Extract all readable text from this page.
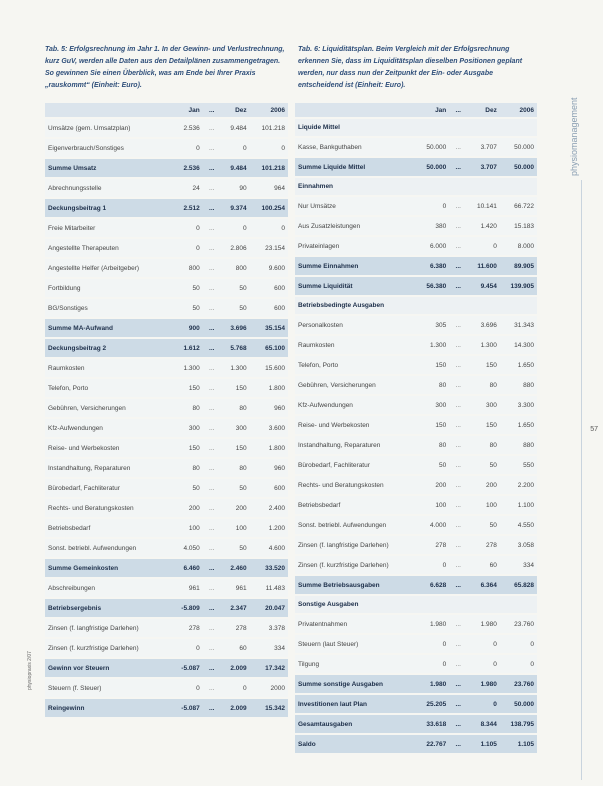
Tab. 5: Erfolgsrechnung im Jahr 1. In der Gewinn- und Verlustrechnung, kurz GuV, werden alle Daten aus den Detailplänen zusammengetragen. So gewinnen Sie einen Überblick, was am Ende bei Ihrer Praxis „rauskommt“ (Einheit: Euro).
Tab. 6: Liquiditätsplan. Beim Vergleich mit der Erfolgsrechnung erkennen Sie, dass im Liquiditätsplan dieselben Positionen geplant werden, nur dass nun der Zeitpunkt der Ein- oder Ausgabe entscheidend ist (Einheit: Euro).
	Jan	...	Dez	2006
Umsätze (gem. Umsatzplan)	2.536	...	9.484	101.218
Eigenverbrauch/Sonstiges	0	...	0	0
Summe Umsatz	2.536	...	9.484	101.218
Abrechnungsstelle	24	...	90	964
Deckungsbeitrag 1	2.512	...	9.374	100.254
Freie Mitarbeiter	0	...	0	0
Angestellte Therapeuten	0	...	2.806	23.154
Angestellte Helfer (Arbeitgeber)	800	...	800	9.600
Fortbildung	50	...	50	600
BG/Sonstiges	50	...	50	600
Summe MA-Aufwand	900	...	3.696	35.154
Deckungsbeitrag 2	1.612	...	5.768	65.100
Raumkosten	1.300	...	1.300	15.600
Telefon, Porto	150	...	150	1.800
Gebühren, Versicherungen	80	...	80	960
Kfz-Aufwendungen	300	...	300	3.600
Reise- und Werbekosten	150	...	150	1.800
Instandhaltung, Reparaturen	80	...	80	960
Bürobedarf, Fachliteratur	50	...	50	600
Rechts- und Beratungskosten	200	...	200	2.400
Betriebsbedarf	100	...	100	1.200
Sonst. betriebl. Aufwendungen	4.050	...	50	4.600
Summe Gemeinkosten	6.460	...	2.460	33.520
Abschreibungen	961	...	961	11.483
Betriebsergebnis	-5.809	...	2.347	20.047
Zinsen (f. langfristige Darlehen)	278	...	278	3.378
Zinsen (f. kurzfristige Darlehen)	0	...	60	334
Gewinn vor Steuern	-5.087	...	2.009	17.342
Steuern (f. Steuer)	0	...	0	2000
Reingewinn	-5.087	...	2.009	15.342
	Jan	...	Dez	2006
Liquide Mittel				
Kasse, Bankguthaben	50.000	...	3.707	50.000
Summe Liquide Mittel	50.000	...	3.707	50.000
Einnahmen				
Nur Umsätze	0	...	10.141	66.722
Aus Zusatzleistungen	380	...	1.420	15.183
Privateinlagen	6.000	...	0	8.000
Summe Einnahmen	6.380	...	11.600	89.905
Summe Liquidität	56.380	...	9.454	139.905
Betriebsbedingte Ausgaben				
Personalkosten	305	...	3.696	31.343
Raumkosten	1.300	...	1.300	14.300
Telefon, Porto	150	...	150	1.650
Gebühren, Versicherungen	80	...	80	880
Kfz-Aufwendungen	300	...	300	3.300
Reise- und Werbekosten	150	...	150	1.650
Instandhaltung, Reparaturen	80	...	80	880
Bürobedarf, Fachliteratur	50	...	50	550
Rechts- und Beratungskosten	200	...	200	2.200
Betriebsbedarf	100	...	100	1.100
Sonst. betriebl. Aufwendungen	4.000	...	50	4.550
Zinsen (f. langfristige Darlehen)	278	...	278	3.058
Zinsen (f. kurzfristige Darlehen)	0	...	60	334
Summe Betriebsausgaben	6.628	...	6.364	65.828
Sonstige Ausgaben				
Privatentnahmen	1.980	...	1.980	23.760
Steuern (laut Steuer)	0	...	0	0
Tilgung	0	...	0	0
Summe sonstige Ausgaben	1.980	...	1.980	23.760
Investitionen laut Plan	25.205	...	0	50.000
Gesamtausgaben	33.618	...	8.344	138.795
Saldo	22.767	...	1.105	1.105
physiomanagement
57
physiopraxis 2/07
